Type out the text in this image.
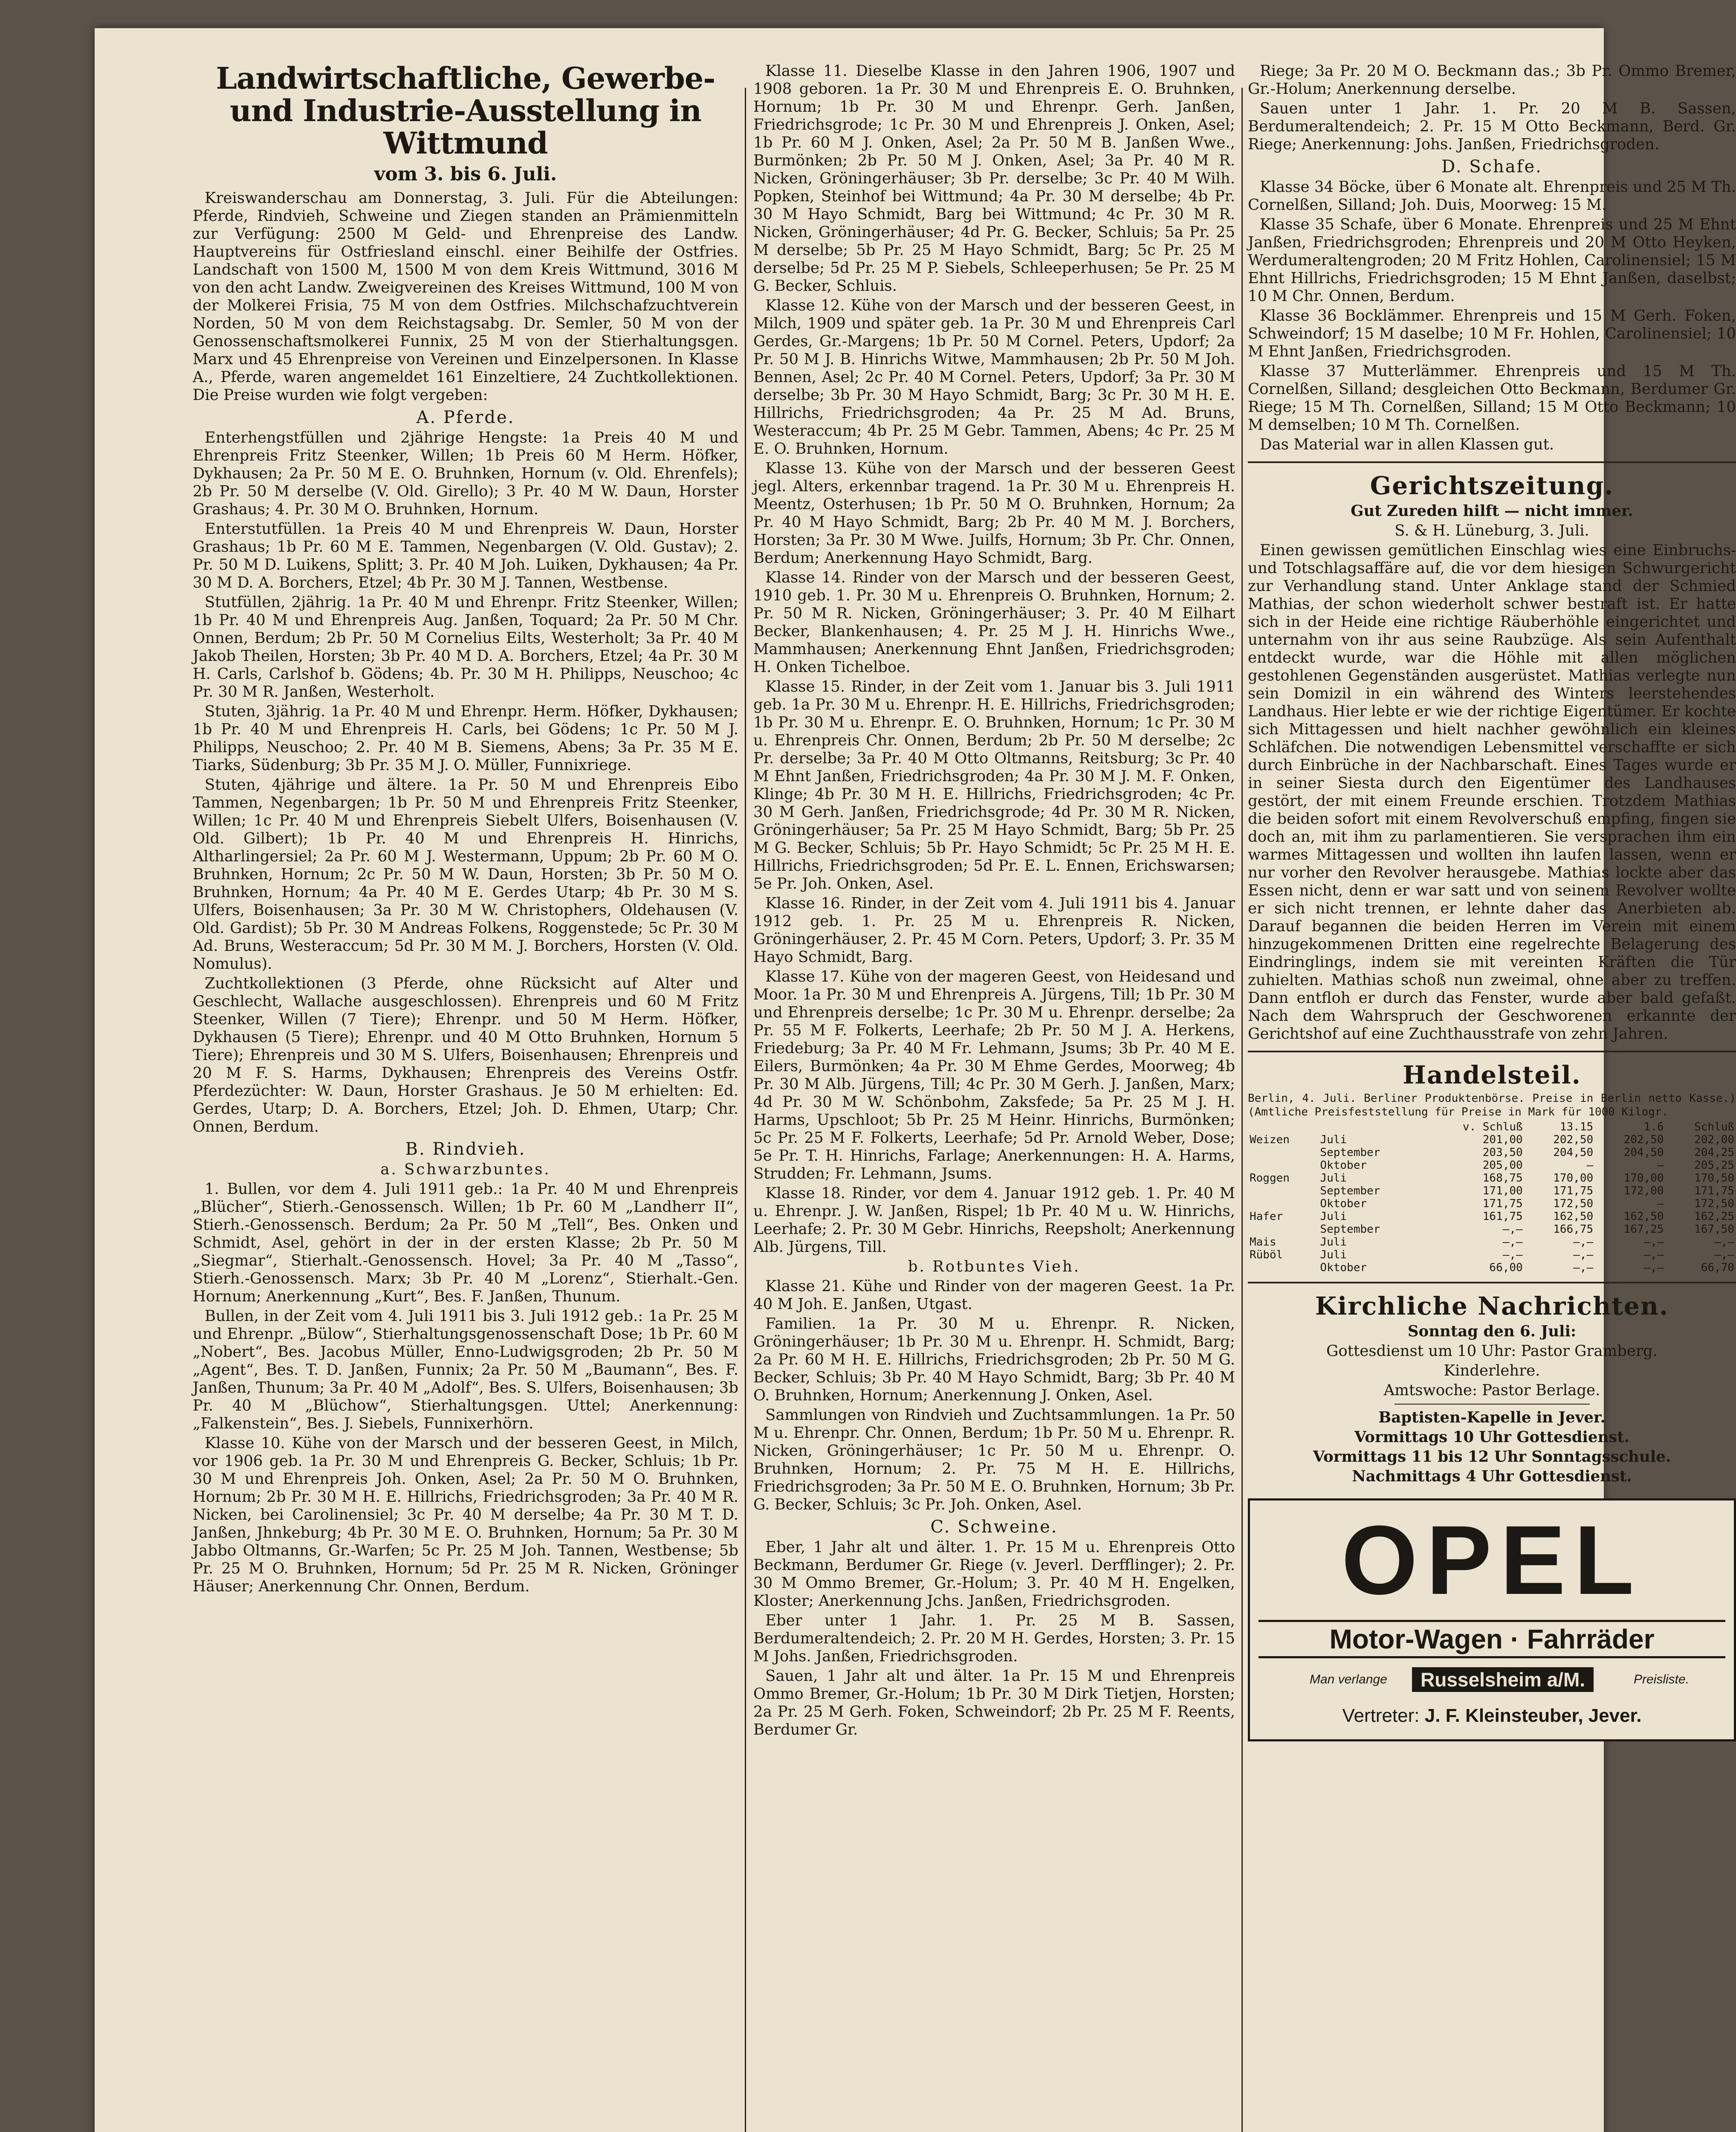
Landwirtschaftliche, Gewerbe- und Industrie-Ausstellung in Wittmund

vom 3. bis 6. Juli.

Kreiswanderschau am Donnerstag, 3. Juli. Für die Abteilungen: Pferde, Rindvieh, Schweine und Ziegen standen an Prämienmitteln zur Verfügung: 2500 M Geld- und Ehrenpreise des Landw. Hauptvereins für Ostfriesland einschl. einer Beihilfe der Ostfries. Landschaft von 1500 M, 1500 M von dem Kreis Wittmund, 3016 M von den acht Landw. Zweigvereinen des Kreises Wittmund, 100 M von der Molkerei Frisia, 75 M von dem Ostfries. Milchschafzuchtverein Norden, 50 M von dem Reichstagsabg. Dr. Semler, 50 M von der Genossenschaftsmolkerei Funnix, 25 M von der Stierhaltungsgen. Marx und 45 Ehrenpreise von Vereinen und Einzelpersonen. In Klasse A., Pferde, waren angemeldet 161 Einzeltiere, 24 Zuchtkollektionen. Die Preise wurden wie folgt vergeben:

A. Pferde.

Enterhengstfüllen und 2jährige Hengste: 1a Preis 40 M und Ehrenpreis Fritz Steenker, Willen; 1b Preis 60 M Herm. Höfker, Dykhausen; 2a Pr. 50 M E. O. Bruhnken, Hornum (v. Old. Ehrenfels); 2b Pr. 50 M derselbe (V. Old. Girello); 3 Pr. 40 M W. Daun, Horster Grashaus; 4. Pr. 30 M O. Bruhnken, Hornum.

Enterstutfüllen. 1a Preis 40 M und Ehrenpreis W. Daun, Horster Grashaus; 1b Pr. 60 M E. Tammen, Negenbargen (V. Old. Gustav); 2. Pr. 50 M D. Luikens, Splitt; 3. Pr. 40 M Joh. Luiken, Dykhausen; 4a Pr. 30 M D. A. Borchers, Etzel; 4b Pr. 30 M J. Tannen, Westbense.

Stutfüllen, 2jährig. 1a Pr. 40 M und Ehrenpr. Fritz Steenker, Willen; 1b Pr. 40 M und Ehrenpreis Aug. Janßen, Toquard; 2a Pr. 50 M Chr. Onnen, Berdum; 2b Pr. 50 M Cornelius Eilts, Westerholt; 3a Pr. 40 M Jakob Theilen, Horsten; 3b Pr. 40 M D. A. Borchers, Etzel; 4a Pr. 30 M H. Carls, Carlshof b. Gödens; 4b. Pr. 30 M H. Philipps, Neuschoo; 4c Pr. 30 M R. Janßen, Westerholt.

Stuten, 3jährig. 1a Pr. 40 M und Ehrenpr. Herm. Höfker, Dykhausen; 1b Pr. 40 M und Ehrenpreis H. Carls, bei Gödens; 1c Pr. 50 M J. Philipps, Neuschoo; 2. Pr. 40 M B. Siemens, Abens; 3a Pr. 35 M E. Tiarks, Südenburg; 3b Pr. 35 M J. O. Müller, Funnixriege.

Stuten, 4jährige und ältere. 1a Pr. 50 M und Ehrenpreis Eibo Tammen, Negenbargen; 1b Pr. 50 M und Ehrenpreis Fritz Steenker, Willen; 1c Pr. 40 M und Ehrenpreis Siebelt Ulfers, Boisenhausen (V. Old. Gilbert); 1b Pr. 40 M und Ehrenpreis H. Hinrichs, Altharlingersiel; 2a Pr. 60 M J. Westermann, Uppum; 2b Pr. 60 M O. Bruhnken, Hornum; 2c Pr. 50 M W. Daun, Horsten; 3b Pr. 50 M O. Bruhnken, Hornum; 4a Pr. 40 M E. Gerdes Utarp; 4b Pr. 30 M S. Ulfers, Boisenhausen; 3a Pr. 30 M W. Christophers, Oldehausen (V. Old. Gardist); 5b Pr. 30 M Andreas Folkens, Roggenstede; 5c Pr. 30 M Ad. Bruns, Westeraccum; 5d Pr. 30 M M. J. Borchers, Horsten (V. Old. Nomulus).

Zuchtkollektionen (3 Pferde, ohne Rücksicht auf Alter und Geschlecht, Wallache ausgeschlossen). Ehrenpreis und 60 M Fritz Steenker, Willen (7 Tiere); Ehrenpr. und 50 M Herm. Höfker, Dykhausen (5 Tiere); Ehrenpr. und 40 M Otto Bruhnken, Hornum 5 Tiere); Ehrenpreis und 30 M S. Ulfers, Boisenhausen; Ehrenpreis und 20 M F. S. Harms, Dykhausen; Ehrenpreis des Vereins Ostfr. Pferdezüchter: W. Daun, Horster Grashaus. Je 50 M erhielten: Ed. Gerdes, Utarp; D. A. Borchers, Etzel; Joh. D. Ehmen, Utarp; Chr. Onnen, Berdum.

B. Rindvieh.

a. Schwarzbuntes.

1. Bullen, vor dem 4. Juli 1911 geb.: 1a Pr. 40 M und Ehrenpreis „Blücher“, Stierh.-Genossensch. Willen; 1b Pr. 60 M „Landherr II“, Stierh.-Genossensch. Berdum; 2a Pr. 50 M „Tell“, Bes. Onken und Schmidt, Asel, gehört in der in der ersten Klasse; 2b Pr. 50 M „Siegmar“, Stierhalt.-Genossensch. Hovel; 3a Pr. 40 M „Tasso“, Stierh.-Genossensch. Marx; 3b Pr. 40 M „Lorenz“, Stierhalt.-Gen. Hornum; Anerkennung „Kurt“, Bes. F. Janßen, Thunum.

Bullen, in der Zeit vom 4. Juli 1911 bis 3. Juli 1912 geb.: 1a Pr. 25 M und Ehrenpr. „Bülow“, Stierhaltungsgenossenschaft Dose; 1b Pr. 60 M „Nobert“, Bes. Jacobus Müller, Enno-Ludwigsgroden; 2b Pr. 50 M „Agent“, Bes. T. D. Janßen, Funnix; 2a Pr. 50 M „Baumann“, Bes. F. Janßen, Thunum; 3a Pr. 40 M „Adolf“, Bes. S. Ulfers, Boisenhausen; 3b Pr. 40 M „Blüchow“, Stierhaltungsgen. Uttel; Anerkennung: „Falkenstein“, Bes. J. Siebels, Funnixerhörn.

Klasse 10. Kühe von der Marsch und der besseren Geest, in Milch, vor 1906 geb. 1a Pr. 30 M und Ehrenpreis G. Becker, Schluis; 1b Pr. 30 M und Ehrenpreis Joh. Onken, Asel; 2a Pr. 50 M O. Bruhnken, Hornum; 2b Pr. 30 M H. E. Hillrichs, Friedrichsgroden; 3a Pr. 40 M R. Nicken, bei Carolinensiel; 3c Pr. 40 M derselbe; 4a Pr. 30 M T. D. Janßen, Jhnkeburg; 4b Pr. 30 M E. O. Bruhnken, Hornum; 5a Pr. 30 M Jabbo Oltmanns, Gr.-Warfen; 5c Pr. 25 M Joh. Tannen, Westbense; 5b Pr. 25 M O. Bruhnken, Hornum; 5d Pr. 25 M R. Nicken, Gröninger Häuser; Anerkennung Chr. Onnen, Berdum.

Klasse 11. Dieselbe Klasse in den Jahren 1906, 1907 und 1908 geboren. 1a Pr. 30 M und Ehrenpreis E. O. Bruhnken, Hornum; 1b Pr. 30 M und Ehrenpr. Gerh. Janßen, Friedrichsgrode; 1c Pr. 30 M und Ehrenpreis J. Onken, Asel; 1b Pr. 60 M J. Onken, Asel; 2a Pr. 50 M B. Janßen Wwe., Burmönken; 2b Pr. 50 M J. Onken, Asel; 3a Pr. 40 M R. Nicken, Gröningerhäuser; 3b Pr. derselbe; 3c Pr. 40 M Wilh. Popken, Steinhof bei Wittmund; 4a Pr. 30 M derselbe; 4b Pr. 30 M Hayo Schmidt, Barg bei Wittmund; 4c Pr. 30 M R. Nicken, Gröningerhäuser; 4d Pr. G. Becker, Schluis; 5a Pr. 25 M derselbe; 5b Pr. 25 M Hayo Schmidt, Barg; 5c Pr. 25 M derselbe; 5d Pr. 25 M P. Siebels, Schleeperhusen; 5e Pr. 25 M G. Becker, Schluis.

Klasse 12. Kühe von der Marsch und der besseren Geest, in Milch, 1909 und später geb. 1a Pr. 30 M und Ehrenpreis Carl Gerdes, Gr.-Margens; 1b Pr. 50 M Cornel. Peters, Updorf; 2a Pr. 50 M J. B. Hinrichs Witwe, Mammhausen; 2b Pr. 50 M Joh. Bennen, Asel; 2c Pr. 40 M Cornel. Peters, Updorf; 3a Pr. 30 M derselbe; 3b Pr. 30 M Hayo Schmidt, Barg; 3c Pr. 30 M H. E. Hillrichs, Friedrichsgroden; 4a Pr. 25 M Ad. Bruns, Westeraccum; 4b Pr. 25 M Gebr. Tammen, Abens; 4c Pr. 25 M E. O. Bruhnken, Hornum.

Klasse 13. Kühe von der Marsch und der besseren Geest jegl. Alters, erkennbar tragend. 1a Pr. 30 M u. Ehrenpreis H. Meentz, Osterhusen; 1b Pr. 50 M O. Bruhnken, Hornum; 2a Pr. 40 M Hayo Schmidt, Barg; 2b Pr. 40 M M. J. Borchers, Horsten; 3a Pr. 30 M Wwe. Juilfs, Hornum; 3b Pr. Chr. Onnen, Berdum; Anerkennung Hayo Schmidt, Barg.

Klasse 14. Rinder von der Marsch und der besseren Geest, 1910 geb. 1. Pr. 30 M u. Ehrenpreis O. Bruhnken, Hornum; 2. Pr. 50 M R. Nicken, Gröningerhäuser; 3. Pr. 40 M Eilhart Becker, Blankenhausen; 4. Pr. 25 M J. H. Hinrichs Wwe., Mammhausen; Anerkennung Ehnt Janßen, Friedrichsgroden; H. Onken Tichelboe.

Klasse 15. Rinder, in der Zeit vom 1. Januar bis 3. Juli 1911 geb. 1a Pr. 30 M u. Ehrenpr. H. E. Hillrichs, Friedrichsgroden; 1b Pr. 30 M u. Ehrenpr. E. O. Bruhnken, Hornum; 1c Pr. 30 M u. Ehrenpreis Chr. Onnen, Berdum; 2b Pr. 50 M derselbe; 2c Pr. derselbe; 3a Pr. 40 M Otto Oltmanns, Reitsburg; 3c Pr. 40 M Ehnt Janßen, Friedrichsgroden; 4a Pr. 30 M J. M. F. Onken, Klinge; 4b Pr. 30 M H. E. Hillrichs, Friedrichsgroden; 4c Pr. 30 M Gerh. Janßen, Friedrichsgrode; 4d Pr. 30 M R. Nicken, Gröningerhäuser; 5a Pr. 25 M Hayo Schmidt, Barg; 5b Pr. 25 M G. Becker, Schluis; 5b Pr. Hayo Schmidt; 5c Pr. 25 M H. E. Hillrichs, Friedrichsgroden; 5d Pr. E. L. Ennen, Erichswarsen; 5e Pr. Joh. Onken, Asel.

Klasse 16. Rinder, in der Zeit vom 4. Juli 1911 bis 4. Januar 1912 geb. 1. Pr. 25 M u. Ehrenpreis R. Nicken, Gröningerhäuser, 2. Pr. 45 M Corn. Peters, Updorf; 3. Pr. 35 M Hayo Schmidt, Barg.

Klasse 17. Kühe von der mageren Geest, von Heidesand und Moor. 1a Pr. 30 M und Ehrenpreis A. Jürgens, Till; 1b Pr. 30 M und Ehrenpreis derselbe; 1c Pr. 30 M u. Ehrenpr. derselbe; 2a Pr. 55 M F. Folkerts, Leerhafe; 2b Pr. 50 M J. A. Herkens, Friedeburg; 3a Pr. 40 M Fr. Lehmann, Jsums; 3b Pr. 40 M E. Eilers, Burmönken; 4a Pr. 30 M Ehme Gerdes, Moorweg; 4b Pr. 30 M Alb. Jürgens, Till; 4c Pr. 30 M Gerh. J. Janßen, Marx; 4d Pr. 30 M W. Schönbohm, Zaksfede; 5a Pr. 25 M J. H. Harms, Upschloot; 5b Pr. 25 M Heinr. Hinrichs, Burmönken; 5c Pr. 25 M F. Folkerts, Leerhafe; 5d Pr. Arnold Weber, Dose; 5e Pr. T. H. Hinrichs, Farlage; Anerkennungen: H. A. Harms, Strudden; Fr. Lehmann, Jsums.

Klasse 18. Rinder, vor dem 4. Januar 1912 geb. 1. Pr. 40 M u. Ehrenpr. J. W. Janßen, Rispel; 1b Pr. 40 M u. W. Hinrichs, Leerhafe; 2. Pr. 30 M Gebr. Hinrichs, Reepsholt; Anerkennung Alb. Jürgens, Till.

b. Rotbuntes Vieh.

Klasse 21. Kühe und Rinder von der mageren Geest. 1a Pr. 40 M Joh. E. Janßen, Utgast.

Familien. 1a Pr. 30 M u. Ehrenpr. R. Nicken, Gröningerhäuser; 1b Pr. 30 M u. Ehrenpr. H. Schmidt, Barg; 2a Pr. 60 M H. E. Hillrichs, Friedrichsgroden; 2b Pr. 50 M G. Becker, Schluis; 3b Pr. 40 M Hayo Schmidt, Barg; 3b Pr. 40 M O. Bruhnken, Hornum; Anerkennung J. Onken, Asel.

Sammlungen von Rindvieh und Zuchtsammlungen. 1a Pr. 50 M u. Ehrenpr. Chr. Onnen, Berdum; 1b Pr. 50 M u. Ehrenpr. R. Nicken, Gröningerhäuser; 1c Pr. 50 M u. Ehrenpr. O. Bruhnken, Hornum; 2. Pr. 75 M H. E. Hillrichs, Friedrichsgroden; 3a Pr. 50 M E. O. Bruhnken, Hornum; 3b Pr. G. Becker, Schluis; 3c Pr. Joh. Onken, Asel.

C. Schweine.

Eber, 1 Jahr alt und älter. 1. Pr. 15 M u. Ehrenpreis Otto Beckmann, Berdumer Gr. Riege (v. Jeverl. Derfflinger); 2. Pr. 30 M Ommo Bremer, Gr.-Holum; 3. Pr. 40 M H. Engelken, Kloster; Anerkennung Jchs. Janßen, Friedrichsgroden.

Eber unter 1 Jahr. 1. Pr. 25 M B. Sassen, Berdumeraltendeich; 2. Pr. 20 M H. Gerdes, Horsten; 3. Pr. 15 M Johs. Janßen, Friedrichsgroden.

Sauen, 1 Jahr alt und älter. 1a Pr. 15 M und Ehrenpreis Ommo Bremer, Gr.-Holum; 1b Pr. 30 M Dirk Tietjen, Horsten; 2a Pr. 25 M Gerh. Foken, Schweindorf; 2b Pr. 25 M F. Reents, Berdumer Gr.

Riege; 3a Pr. 20 M O. Beckmann das.; 3b Pr. Ommo Bremer, Gr.-Holum; Anerkennung derselbe.

Sauen unter 1 Jahr. 1. Pr. 20 M B. Sassen, Berdumeraltendeich; 2. Pr. 15 M Otto Beckmann, Berd. Gr. Riege; Anerkennung: Johs. Janßen, Friedrichsgroden.

D. Schafe.

Klasse 34 Böcke, über 6 Monate alt. Ehrenpreis und 25 M Th. Cornelßen, Silland; Joh. Duis, Moorweg: 15 M.

Klasse 35 Schafe, über 6 Monate. Ehrenpreis und 25 M Ehnt Janßen, Friedrichsgroden; Ehrenpreis und 20 M Otto Heyken, Werdumeraltengroden; 20 M Fritz Hohlen, Carolinensiel; 15 M Ehnt Hillrichs, Friedrichsgroden; 15 M Ehnt Janßen, daselbst; 10 M Chr. Onnen, Berdum.

Klasse 36 Bocklämmer. Ehrenpreis und 15 M Gerh. Foken, Schweindorf; 15 M daselbe; 10 M Fr. Hohlen, Carolinensiel; 10 M Ehnt Janßen, Friedrichsgroden.

Klasse 37 Mutterlämmer. Ehrenpreis und 15 M Th. Cornelßen, Silland; desgleichen Otto Beckmann, Berdumer Gr. Riege; 15 M Th. Cornelßen, Silland; 15 M Otto Beckmann; 10 M demselben; 10 M Th. Cornelßen.

Das Material war in allen Klassen gut.

Gerichtszeitung.

Gut Zureden hilft — nicht immer.

S. & H. Lüneburg, 3. Juli.

Einen gewissen gemütlichen Einschlag wies eine Einbruchs- und Totschlagsaffäre auf, die vor dem hiesigen Schwurgericht zur Verhandlung stand. Unter Anklage stand der Schmied Mathias, der schon wiederholt schwer bestraft ist. Er hatte sich in der Heide eine richtige Räuberhöhle eingerichtet und unternahm von ihr aus seine Raubzüge. Als sein Aufenthalt entdeckt wurde, war die Höhle mit allen möglichen gestohlenen Gegenständen ausgerüstet. Mathias verlegte nun sein Domizil in ein während des Winters leerstehendes Landhaus. Hier lebte er wie der richtige Eigentümer. Er kochte sich Mittagessen und hielt nachher gewöhnlich ein kleines Schläfchen. Die notwendigen Lebensmittel verschaffte er sich durch Einbrüche in der Nachbarschaft. Eines Tages wurde er in seiner Siesta durch den Eigentümer des Landhauses gestört, der mit einem Freunde erschien. Trotzdem Mathias die beiden sofort mit einem Revolverschuß empfing, fingen sie doch an, mit ihm zu parlamentieren. Sie versprachen ihm ein warmes Mittagessen und wollten ihn laufen lassen, wenn er nur vorher den Revolver herausgebe. Mathias lockte aber das Essen nicht, denn er war satt und von seinem Revolver wollte er sich nicht trennen, er lehnte daher das Anerbieten ab. Darauf begannen die beiden Herren im Verein mit einem hinzugekommenen Dritten eine regelrechte Belagerung des Eindringlings, indem sie mit vereinten Kräften die Tür zuhielten. Mathias schoß nun zweimal, ohne aber zu treffen. Dann entfloh er durch das Fenster, wurde aber bald gefaßt. Nach dem Wahrspruch der Geschworenen erkannte der Gerichtshof auf eine Zuchthausstrafe von zehn Jahren.

Handelsteil.

Berlin, 4. Juli. Berliner Produktenbörse. Preise in Berlin netto Kasse.) (Amtliche Preisfeststellung für Preise in Mark für 1000 Kilogr.

		v. Schluß	13.15	1.6	Schluß
Weizen	Juli	201,00	202,50	202,50	202,00
	September	203,50	204,50	204,50	204,25
	Oktober	205,00	—	—	205,25
Roggen	Juli	168,75	170,00	170,00	170,50
	September	171,00	171,75	172,00	171,75
	Oktober	171,75	172,50	—	172,50
Hafer	Juli	161,75	162,50	162,50	162,25
	September	—,—	166,75	167,25	167,50
Mais	Juli	—,—	—,—	—,—	—,—
Rüböl	Juli	—,—	—,—	—,—	—,—
	Oktober	66,00	—,—	—,—	66,70

Kirchliche Nachrichten.

Sonntag den 6. Juli:

Gottesdienst um 10 Uhr: Pastor Gramberg.

Kinderlehre.

Amtswoche: Pastor Berlage.

Baptisten-Kapelle in Jever.

Vormittags 10 Uhr Gottesdienst.

Vormittags 11 bis 12 Uhr Sonntagsschule.

Nachmittags 4 Uhr Gottesdienst.

OPEL
Motor-Wagen · Fahrräder
Man verlange	Russelsheim a/M.	Preisliste.
Vertreter: J. F. Kleinsteuber, Jever.
